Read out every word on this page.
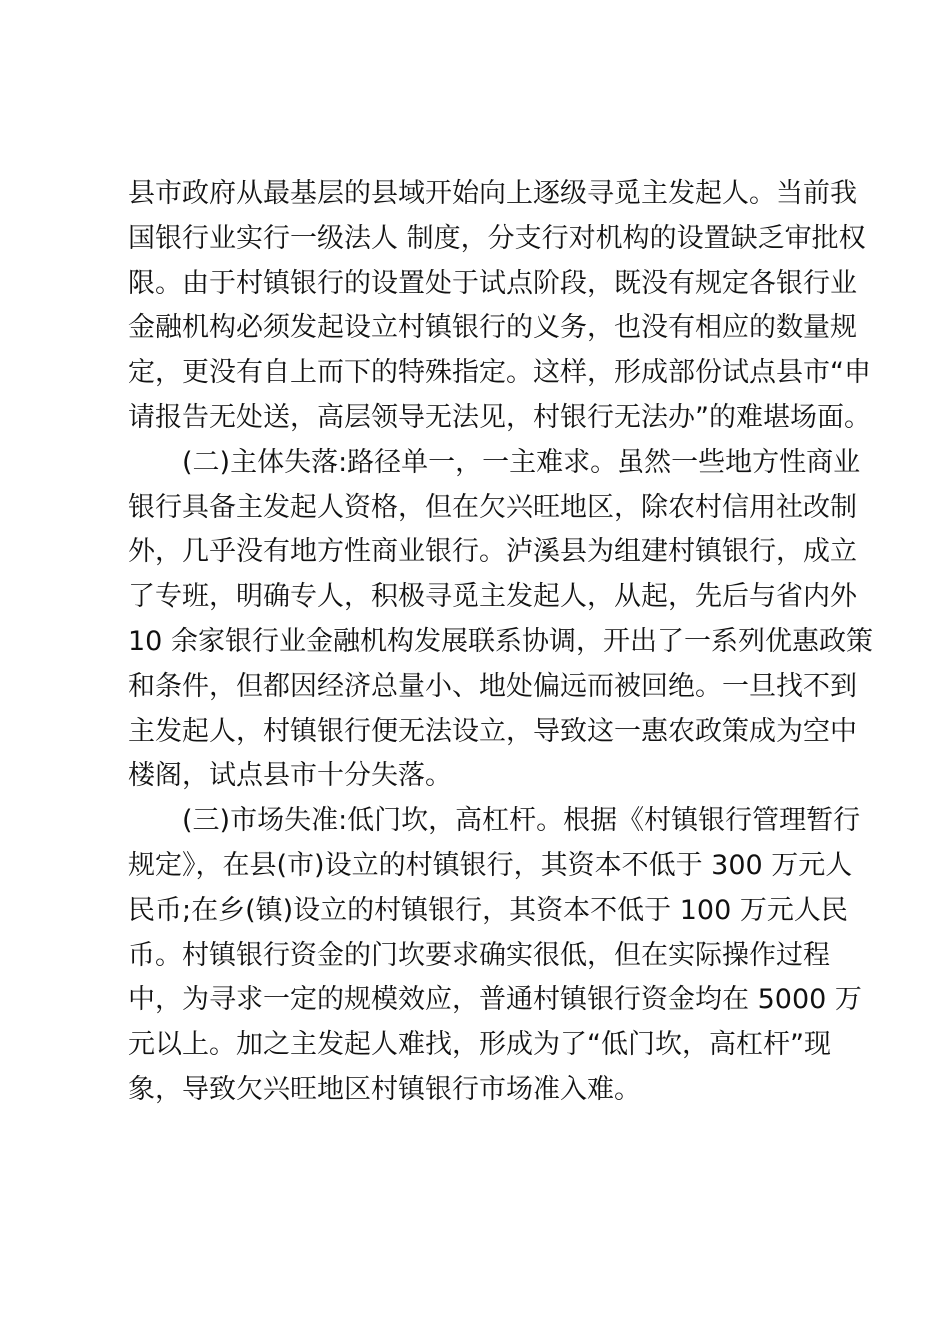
县市政府从最基层的县域开始向上逐级寻觅主发起人。当前我
国银行业实行一级法人 制度，分支行对机构的设置缺乏审批权
限。由于村镇银行的设置处于试点阶段，既没有规定各银行业
金融机构必须发起设立村镇银行的义务，也没有相应的数量规
定，更没有自上而下的特殊指定。这样，形成部份试点县市“申
请报告无处送，高层领导无法见，村银行无法办”的难堪场面。
(二)主体失落:路径单一，一主难求。虽然一些地方性商业
银行具备主发起人资格，但在欠兴旺地区，除农村信用社改制
外，几乎没有地方性商业银行。泸溪县为组建村镇银行，成立
了专班，明确专人，积极寻觅主发起人，从起，先后与省内外
10 余家银行业金融机构发展联系协调，开出了一系列优惠政策
和条件，但都因经济总量小、地处偏远而被回绝。一旦找不到
主发起人，村镇银行便无法设立，导致这一惠农政策成为空中
楼阁，试点县市十分失落。
(三)市场失准:低门坎，高杠杆。根据《村镇银行管理暂行
规定》，在县(市)设立的村镇银行，其资本不低于 300 万元人
民币;在乡(镇)设立的村镇银行，其资本不低于 100 万元人民
币。村镇银行资金的门坎要求确实很低，但在实际操作过程
中，为寻求一定的规模效应，普通村镇银行资金均在 5000 万
元以上。加之主发起人难找，形成为了“低门坎，高杠杆”现
象，导致欠兴旺地区村镇银行市场准入难。
